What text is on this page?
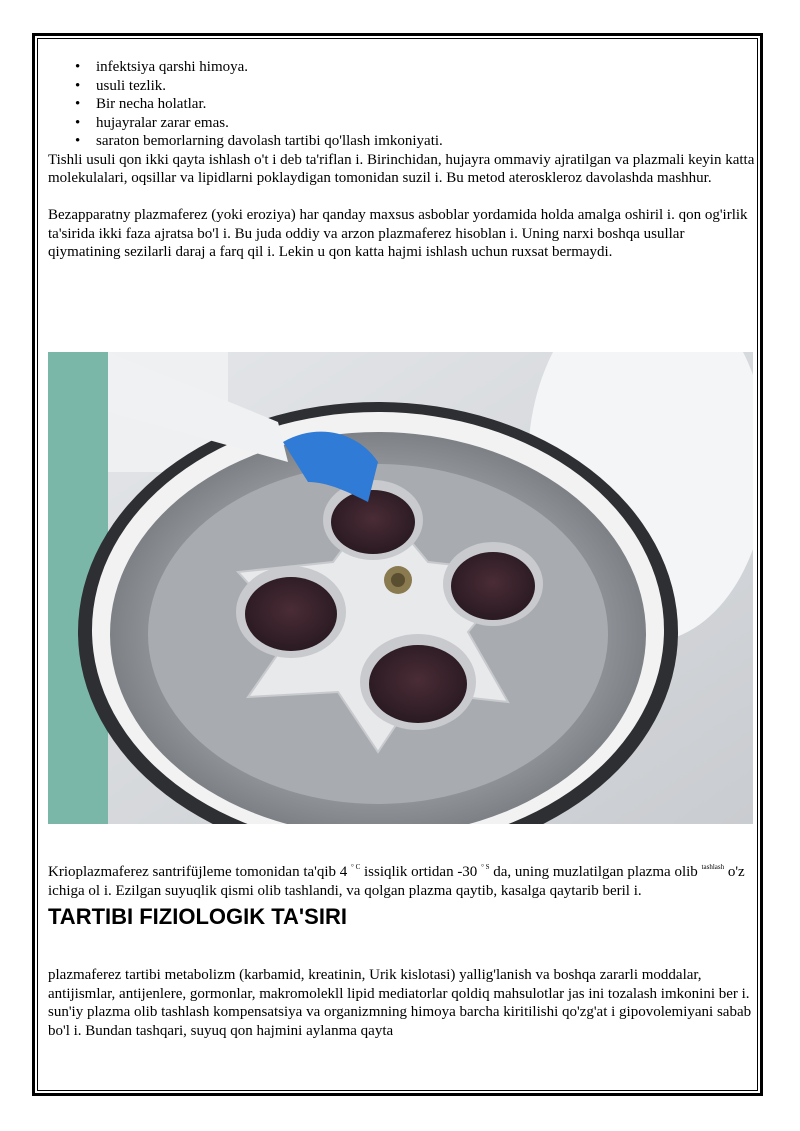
• infektsiya qarshi himoya.
• usuli tezlik.
• Bir necha holatlar.
• hujayralar zarar emas.
• saraton bemorlarning davolash tartibi qo'llash imkoniyati.

Tishli usuli qon ikki qayta ishlash o't i deb ta'riflan i. Birinchidan, hujayra ommaviy ajratilgan va plazmali keyin katta molekulalari, oqsillar va lipidlarni poklaydigan tomonidan suzil i. Bu metod ateroskleroz davolashda mashhur.

Bezapparatny plazmaferez (yoki eroziya) har qanday maxsus asboblar yordamida holda amalga oshiril i. qon og'irlik ta'sirida ikki faza ajratsa bo'l i. Bu juda oddiy va arzon plazmaferez hisoblan i. Uning narxi boshqa usullar qiymatining sezilarli daraj a farq qil i. Lekin u qon katta hajmi ishlash uchun ruxsat bermaydi.

Krioplazmaferez santrifüjleme tomonidan ta'qib 4 $^{^\circ C}$ issiqlik ortidan -30 $^{^\circ S}$ da, uning muzlatilgan plazma olib $^{tashlash}$ o'z ichiga ol i. Ezilgan suyuqlik qismi olib tashlandi, va qolgan plazma qaytib, kasalga qaytarib beril i.

TARTIBI FIZIOLOGIK TA'SIRI

plazmaferez tartibi metabolizm (karbamid, kreatinin, Urik kislotasi) yallig'lanish va boshqa zararli moddalar, antijismlar, antijenlere, gormonlar, makromolekll lipid mediatorlar qoldiq mahsulotlar jas ini tozalash imkonini ber i. sun'iy plazma olib tashlash kompensatsiya va organizmning himoya barcha kiritilishi qo'zg'at i gipovolemiyani sabab bo'l i. Bundan tashqari, suyuq qon hajmini aylanma qayta
